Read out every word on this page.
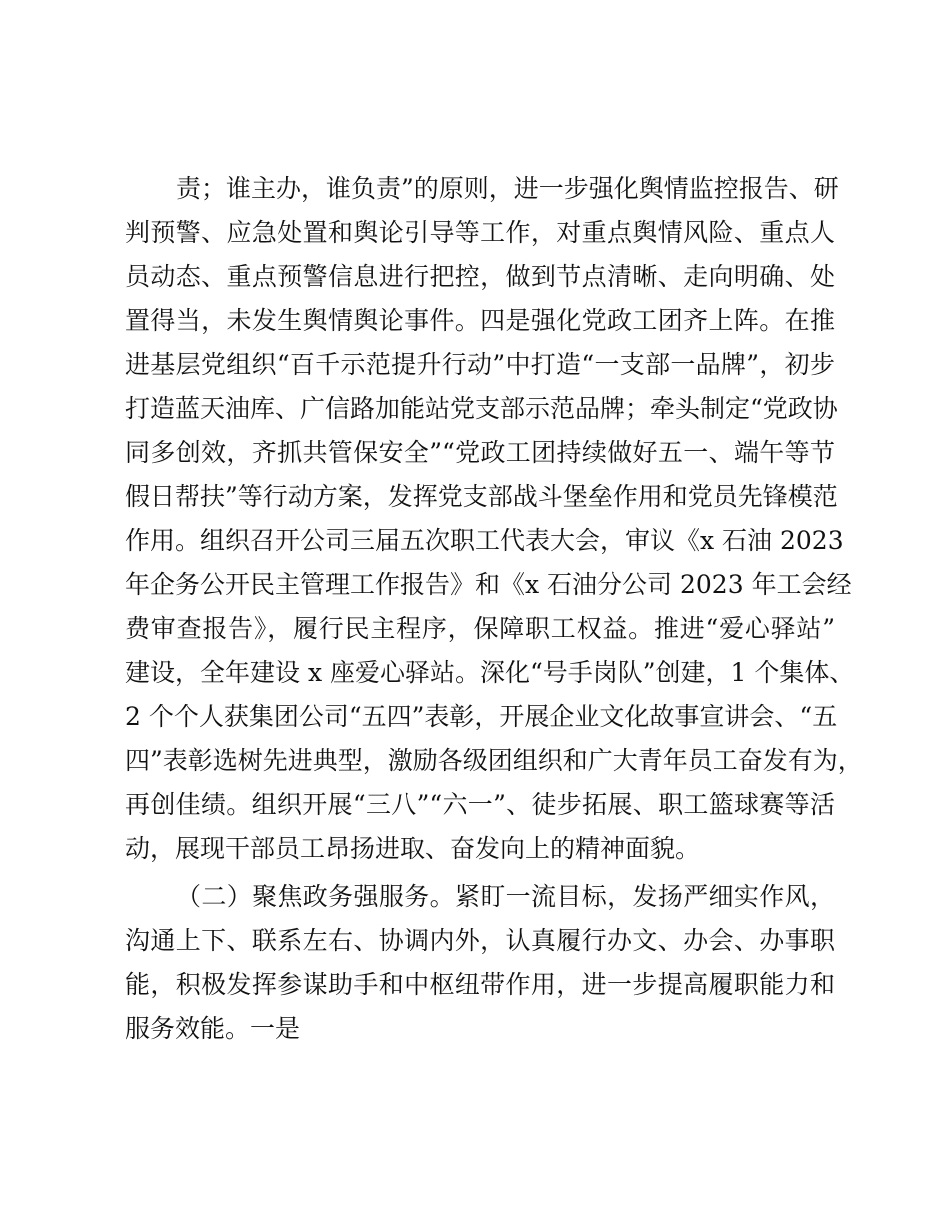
责；谁主办，谁负责”的原则，进一步强化舆情监控报告、研
判预警、应急处置和舆论引导等工作，对重点舆情风险、重点人
员动态、重点预警信息进行把控，做到节点清晰、走向明确、处
置得当，未发生舆情舆论事件。四是强化党政工团齐上阵。在推
进基层党组织“百千示范提升行动”中打造“一支部一品牌”，初步
打造蓝天油库、广信路加能站党支部示范品牌；牵头制定“党政协
同多创效，齐抓共管保安全”“党政工团持续做好五一、端午等节
假日帮扶”等行动方案，发挥党支部战斗堡垒作用和党员先锋模范
作用。组织召开公司三届五次职工代表大会，审议《x 石油 2023
年企务公开民主管理工作报告》和《x 石油分公司 2023 年工会经
费审查报告》，履行民主程序，保障职工权益。推进“爱心驿站”
建设，全年建设 x 座爱心驿站。深化“号手岗队”创建，1 个集体、
2 个个人获集团公司“五四”表彰，开展企业文化故事宣讲会、“五
四”表彰选树先进典型，激励各级团组织和广大青年员工奋发有为，
再创佳绩。组织开展“三八”“六一”、徒步拓展、职工篮球赛等活
动，展现干部员工昂扬进取、奋发向上的精神面貌。
（二）聚焦政务强服务。紧盯一流目标，发扬严细实作风，
沟通上下、联系左右、协调内外，认真履行办文、办会、办事职
能，积极发挥参谋助手和中枢纽带作用，进一步提高履职能力和
服务效能。一是
